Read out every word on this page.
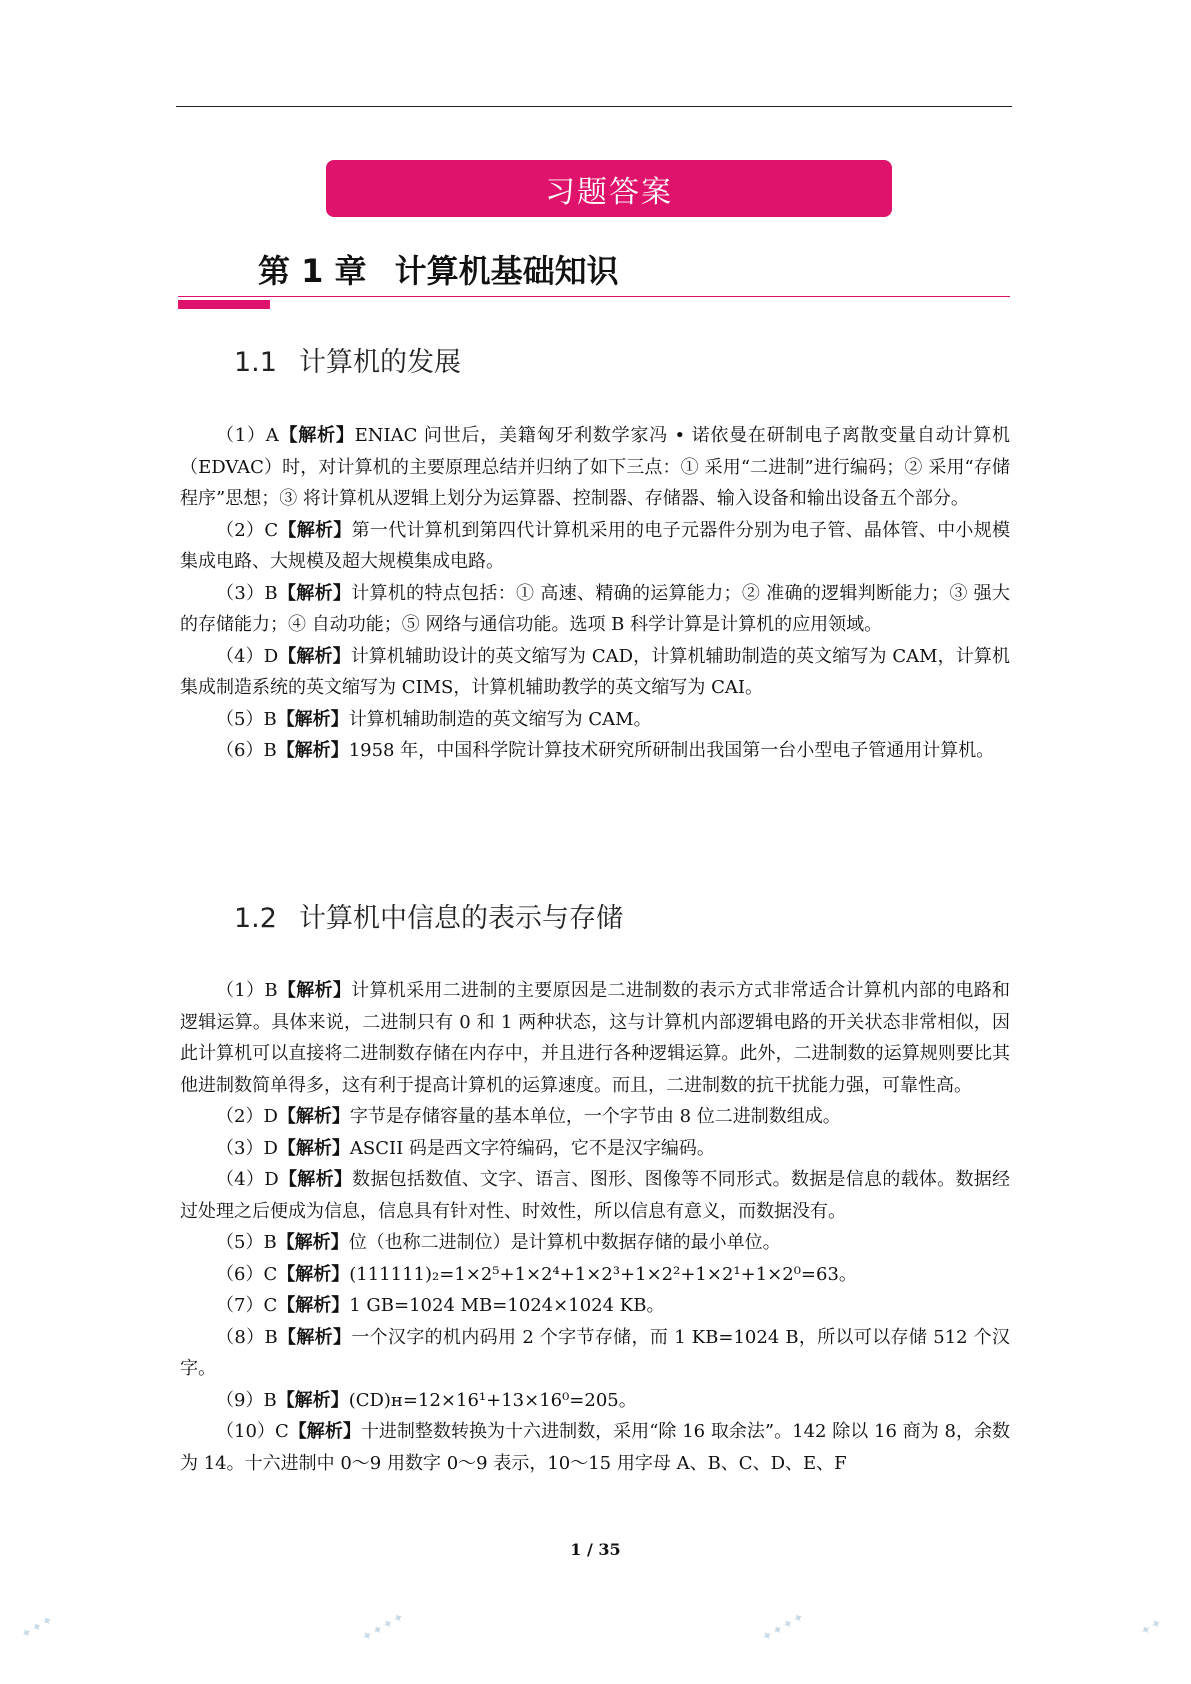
习题答案
第 1 章 计算机基础知识
1.1 计算机的发展

（1）A【解析】ENIAC 问世后，美籍匈牙利数学家冯 • 诺依曼在研制电子离散变量自动计算机（EDVAC）时，对计算机的主要原理总结并归纳了如下三点：① 采用“二进制”进行编码；② 采用“存储程序”思想；③ 将计算机从逻辑上划分为运算器、控制器、存储器、输入设备和输出设备五个部分。

（2）C【解析】第一代计算机到第四代计算机采用的电子元器件分别为电子管、晶体管、中小规模集成电路、大规模及超大规模集成电路。

（3）B【解析】计算机的特点包括：① 高速、精确的运算能力；② 准确的逻辑判断能力；③ 强大的存储能力；④ 自动功能；⑤ 网络与通信功能。选项 B 科学计算是计算机的应用领域。

（4）D【解析】计算机辅助设计的英文缩写为 CAD，计算机辅助制造的英文缩写为 CAM，计算机集成制造系统的英文缩写为 CIMS，计算机辅助教学的英文缩写为 CAI。

（5）B【解析】计算机辅助制造的英文缩写为 CAM。

（6）B【解析】1958 年，中国科学院计算技术研究所研制出我国第一台小型电子管通用计算机。

1.2 计算机中信息的表示与存储

（1）B【解析】计算机采用二进制的主要原因是二进制数的表示方式非常适合计算机内部的电路和逻辑运算。具体来说，二进制只有 0 和 1 两种状态，这与计算机内部逻辑电路的开关状态非常相似，因此计算机可以直接将二进制数存储在内存中，并且进行各种逻辑运算。此外，二进制数的运算规则要比其他进制数简单得多，这有利于提高计算机的运算速度。而且，二进制数的抗干扰能力强，可靠性高。

（2）D【解析】字节是存储容量的基本单位，一个字节由 8 位二进制数组成。

（3）D【解析】ASCII 码是西文字符编码，它不是汉字编码。

（4）D【解析】数据包括数值、文字、语言、图形、图像等不同形式。数据是信息的载体。数据经过处理之后便成为信息，信息具有针对性、时效性，所以信息有意义，而数据没有。

（5）B【解析】位（也称二进制位）是计算机中数据存储的最小单位。

（6）C【解析】(111111)₂=1×2⁵+1×2⁴+1×2³+1×2²+1×2¹+1×2⁰=63。

（7）C【解析】1 GB=1024 MB=1024×1024 KB。

（8）B【解析】一个汉字的机内码用 2 个字节存储，而 1 KB=1024 B，所以可以存储 512 个汉字。

（9）B【解析】(CD)ʜ=12×16¹+13×16⁰=205。

（10）C【解析】十进制整数转换为十六进制数，采用“除 16 取余法”。142 除以 16 商为 8，余数为 14。十六进制中 0～9 用数字 0～9 表示，10～15 用字母 A、B、C、D、E、F

1 / 35
✦✦✦	✦✦✦✦	✦✦✦✦	✦✦
